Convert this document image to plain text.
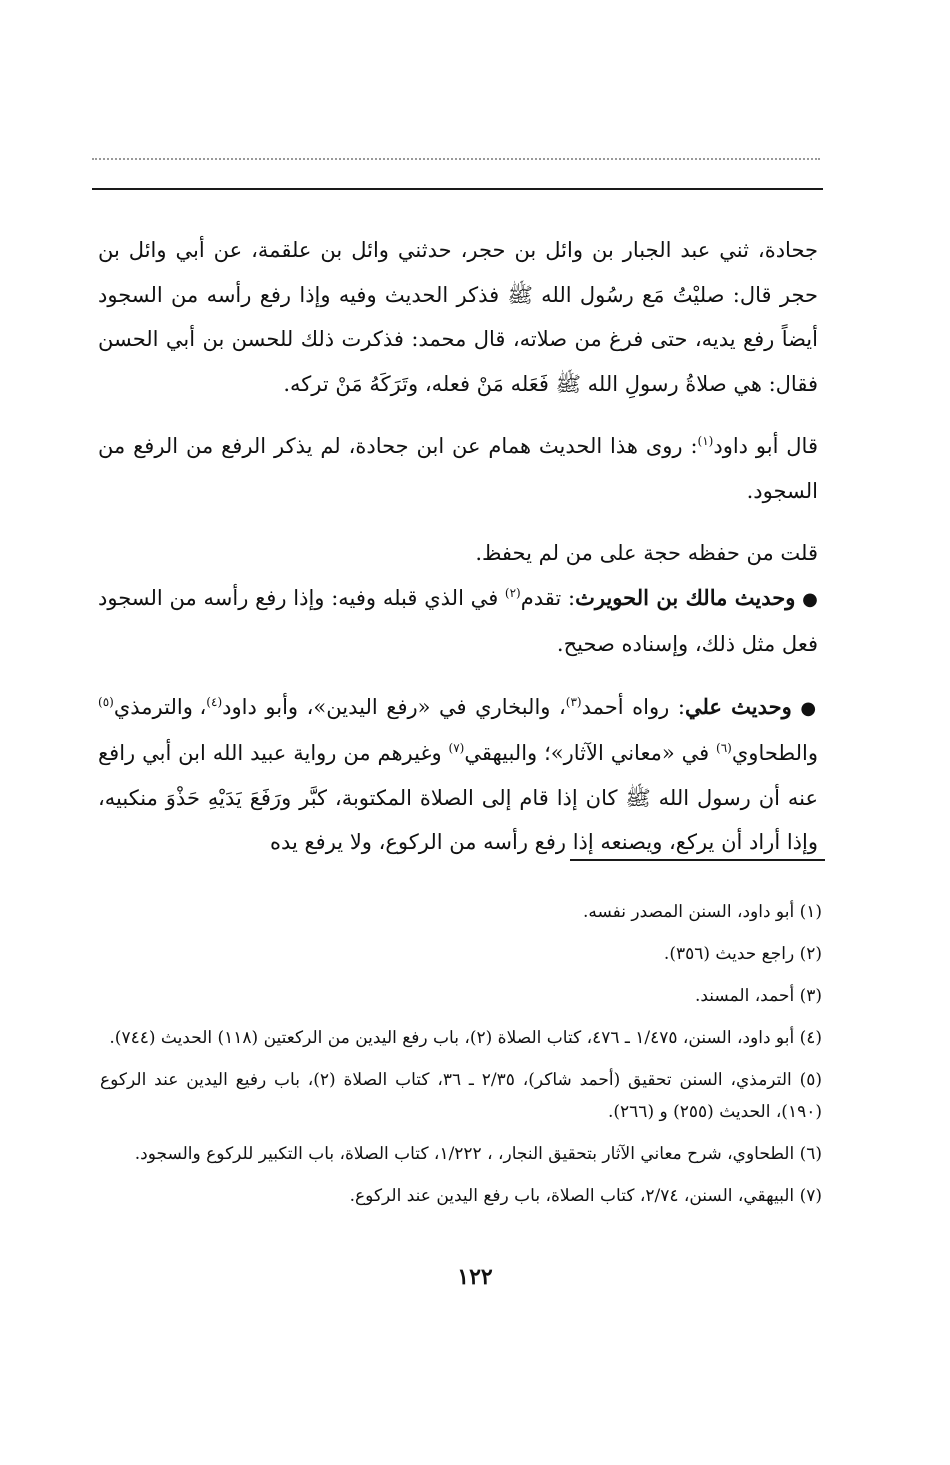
جحادة، ثني عبد الجبار بن وائل بن حجر، حدثني وائل بن علقمة، عن أبي وائل بن حجر قال: صليْتُ مَع رسُول الله ﷺ فذكر الحديث وفيه وإذا رفع رأسه من السجود أيضاً رفع يديه، حتى فرغ من صلاته، قال محمد: فذكرت ذلك للحسن بن أبي الحسن فقال: هي صلاةُ رسولِ الله ﷺ فَعَله مَنْ فعله، وتَرَكَهُ مَنْ تركه.

قال أبو داود$^{(١)}$: روى هذا الحديث همام عن ابن جحادة، لم يذكر الرفع من الرفع من السجود.

قلت من حفظه حجة على من لم يحفظ.

● وحديث مالك بن الحويرث: تقدم$^{(٢)}$ في الذي قبله وفيه: وإذا رفع رأسه من السجود فعل مثل ذلك، وإسناده صحيح.

● وحديث علي: رواه أحمد$^{(٣)}$، والبخاري في «رفع اليدين»، وأبو داود$^{(٤)}$، والترمذي$^{(٥)}$ والطحاوي$^{(٦)}$ في «معاني الآثار»؛ والبيهقي$^{(٧)}$ وغيرهم من رواية عبيد الله ابن أبي رافع عنه أن رسول الله ﷺ كان إذا قام إلى الصلاة المكتوبة، كبَّر ورَفَعَ يَدَيْهِ حَذْوَ منكبيه، وإذا أراد أن يركع، ويصنعه إذا رفع رأسه من الركوع، ولا يرفع يده

(١) أبو داود، السنن المصدر نفسه.

(٢) راجع حديث (٣٥٦).

(٣) أحمد، المسند.

(٤) أبو داود، السنن، ١/٤٧٥ ـ ٤٧٦، كتاب الصلاة (٢)، باب رفع اليدين من الركعتين (١١٨) الحديث (٧٤٤).

(٥) الترمذي، السنن تحقيق (أحمد شاكر)، ٢/٣٥ ـ ٣٦، كتاب الصلاة (٢)، باب رفيع اليدين عند الركوع (١٩٠)، الحديث (٢٥٥) و (٢٦٦).

(٦) الطحاوي، شرح معاني الآثار بتحقيق النجار، ، ١/٢٢٢، كتاب الصلاة، باب التكبير للركوع والسجود.

(٧) البيهقي، السنن، ٢/٧٤، كتاب الصلاة، باب رفع اليدين عند الركوع.

١٢٢
